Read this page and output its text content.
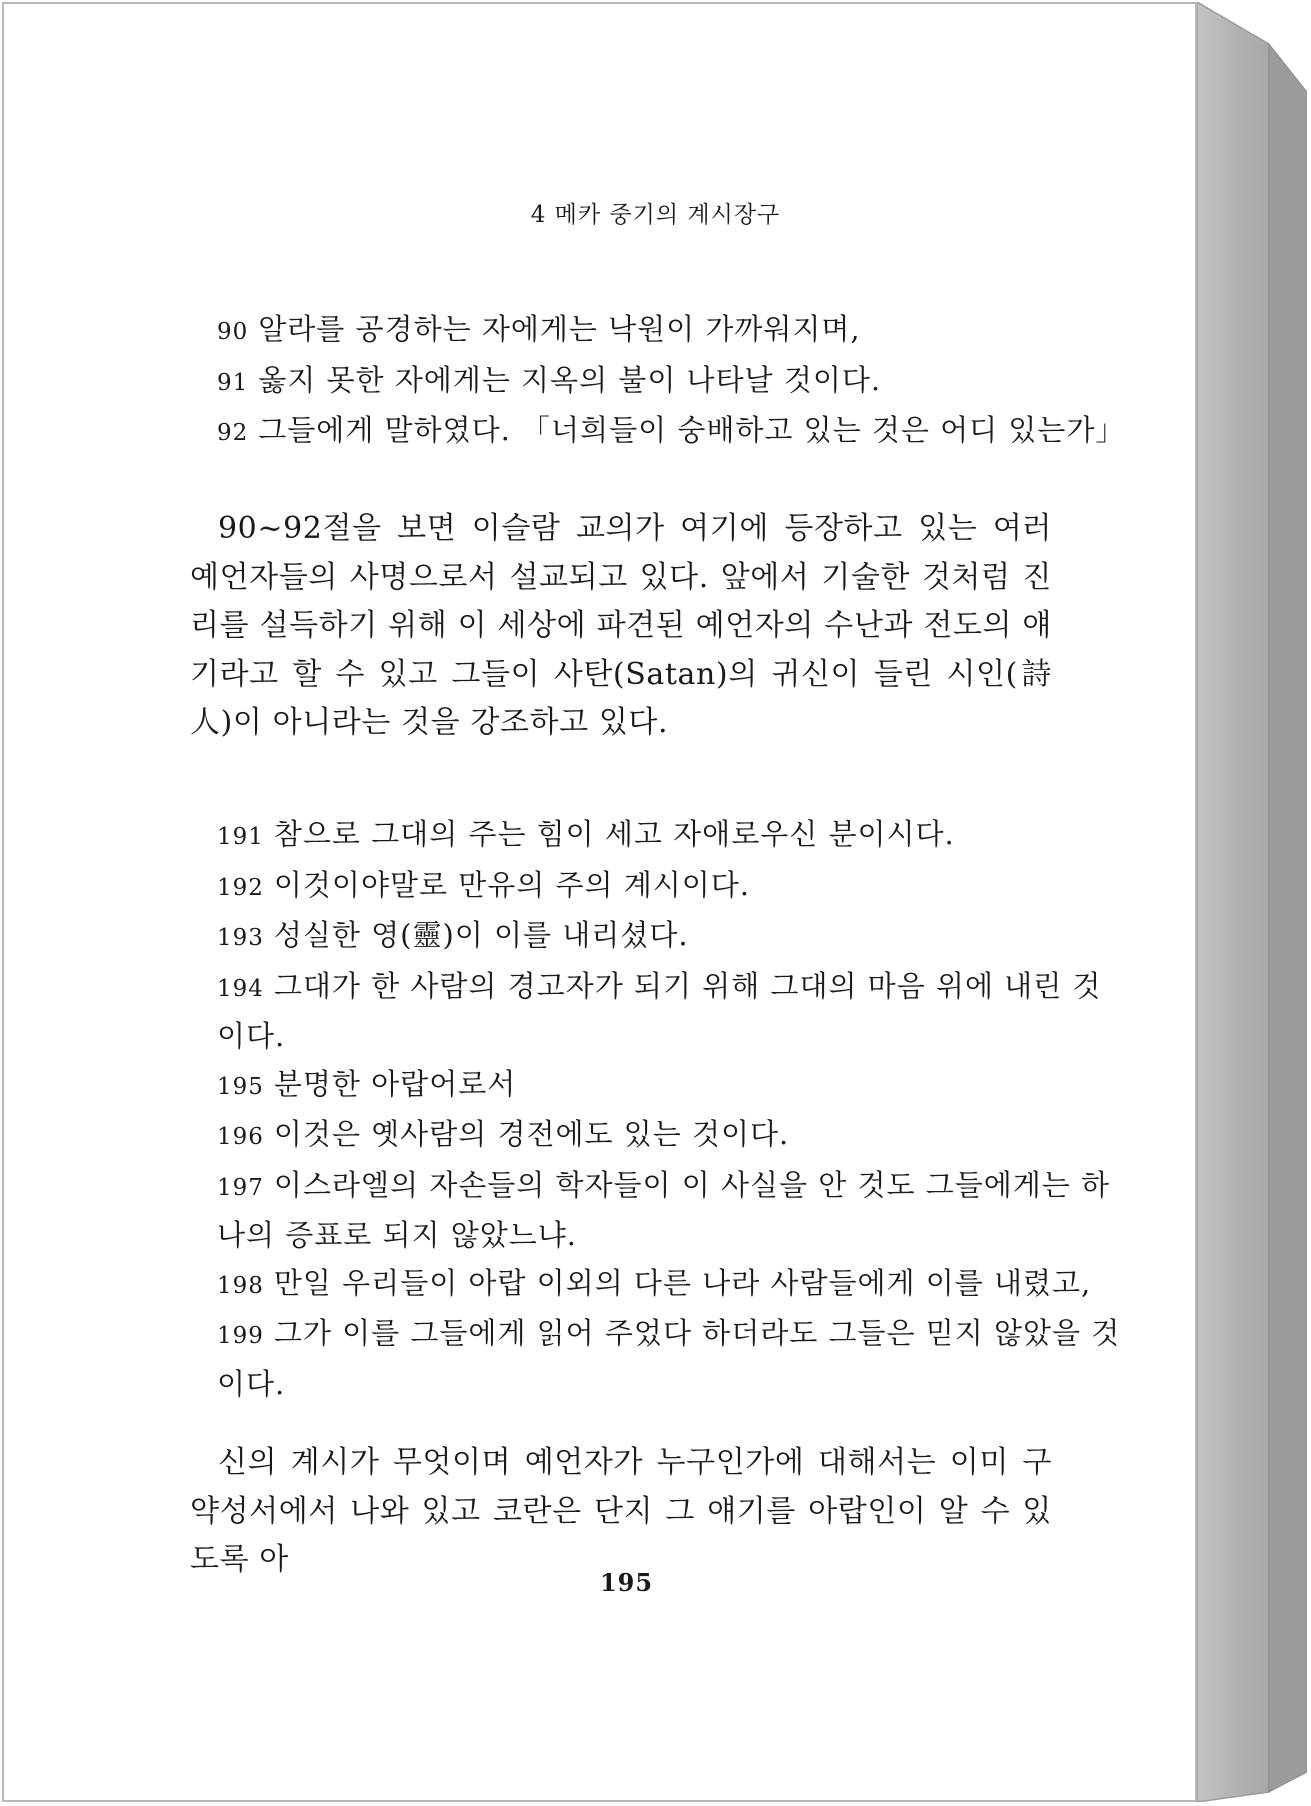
4 메카 중기의 계시장구
90 알라를 공경하는 자에게는 낙원이 가까워지며,
91 옳지 못한 자에게는 지옥의 불이 나타날 것이다.
92 그들에게 말하였다. 「너희들이 숭배하고 있는 것은 어디 있는가」

90~92절을 보면 이슬람 교의가 여기에 등장하고 있는 여러 예언자들의 사명으로서 설교되고 있다. 앞에서 기술한 것처럼 진리를 설득하기 위해 이 세상에 파견된 예언자의 수난과 전도의 얘기라고 할 수 있고 그들이 사탄(Satan)의 귀신이 들린 시인(詩人)이 아니라는 것을 강조하고 있다.

191 참으로 그대의 주는 힘이 세고 자애로우신 분이시다.
192 이것이야말로 만유의 주의 계시이다.
193 성실한 영(靈)이 이를 내리셨다.
194 그대가 한 사람의 경고자가 되기 위해 그대의 마음 위에 내린 것
이다.
195 분명한 아랍어로서
196 이것은 옛사람의 경전에도 있는 것이다.
197 이스라엘의 자손들의 학자들이 이 사실을 안 것도 그들에게는 하
나의 증표로 되지 않았느냐.
198 만일 우리들이 아랍 이외의 다른 나라 사람들에게 이를 내렸고,
199 그가 이를 그들에게 읽어 주었다 하더라도 그들은 믿지 않았을 것
이다.

신의 계시가 무엇이며 예언자가 누구인가에 대해서는 이미 구약성서에서 나와 있고 코란은 단지 그 얘기를 아랍인이 알 수 있도록 아

195
